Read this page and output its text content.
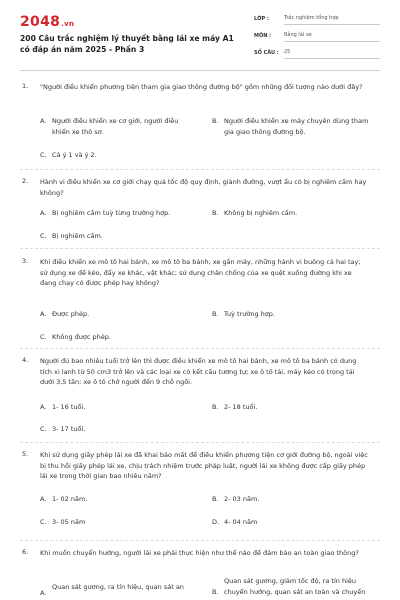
2048.vn
200 Câu trắc nghiệm lý thuyết bằng lái xe máy A1 có đáp án năm 2025 - Phần 3
LỚP :	Trắc nghiệm tổng hợp
MÔN :	Bằng lái xe
SỐ CÂU : 25
1. "Người điều khiển phương tiện tham gia giao thông đường bộ" gồm những đối tượng nào dưới đây?
A. Người điều khiển xe cơ giới, người điều khiển xe thô sơ.
B. Người điều khiển xe máy chuyên dùng tham gia giao thông đường bộ.
C. Cả ý 1 và ý 2.
2. Hành vi điều khiển xe cơ giới chạy quá tốc độ quy định, giành đường, vượt ẩu có bị nghiêm cấm hay không?
A. Bị nghiêm cấm tuỳ từng trường hợp.	B. Không bị nghiêm cấm.
C. Bị nghiêm cấm.
3. Khi điều khiển xe mô tô hai bánh, xe mô tô ba bánh, xe gắn máy, những hành vi buông cả hai tay; sử dụng xe để kéo, đẩy xe khác, vật khác; sử dụng chân chống của xe quệt xuống đường khi xe đang chạy có được phép hay không?
A. Được phép.	B. Tuỳ trường hợp.
C. Không được phép.
4. Người đủ bao nhiêu tuổi trở lên thì được điều khiển xe mô tô hai bánh, xe mô tô ba bánh có dung tích xi lanh từ 50 cm3 trở lên và các loại xe có kết cấu tương tự; xe ô tô tải, máy kéo có trọng tải dưới 3,5 tấn; xe ô tô chở người đến 9 chỗ ngồi.
A. 1- 16 tuổi.	B. 2- 18 tuổi.
C. 3- 17 tuổi.
5. Khi sử dụng giấy phép lái xe đã khai báo mất để điều khiển phương tiện cơ giới đường bộ, ngoài việc bị thu hồi giấy phép lái xe, chịu trách nhiệm trước pháp luật, người lái xe không được cấp giấy phép lái xe trong thời gian bao nhiêu năm?
A. 1- 02 năm.	B. 2- 03 năm.
C. 3- 05 năm	D. 4- 04 năm
6. Khi muốn chuyển hướng, người lái xe phải thực hiện như thế nào để đảm bảo an toàn giao thông?
A.
Quan sát gương, ra tín hiệu, quan sát an
B.
Quan sát gương, giảm tốc độ, ra tín hiệu chuyển hướng, quan sát an toàn và chuyển
